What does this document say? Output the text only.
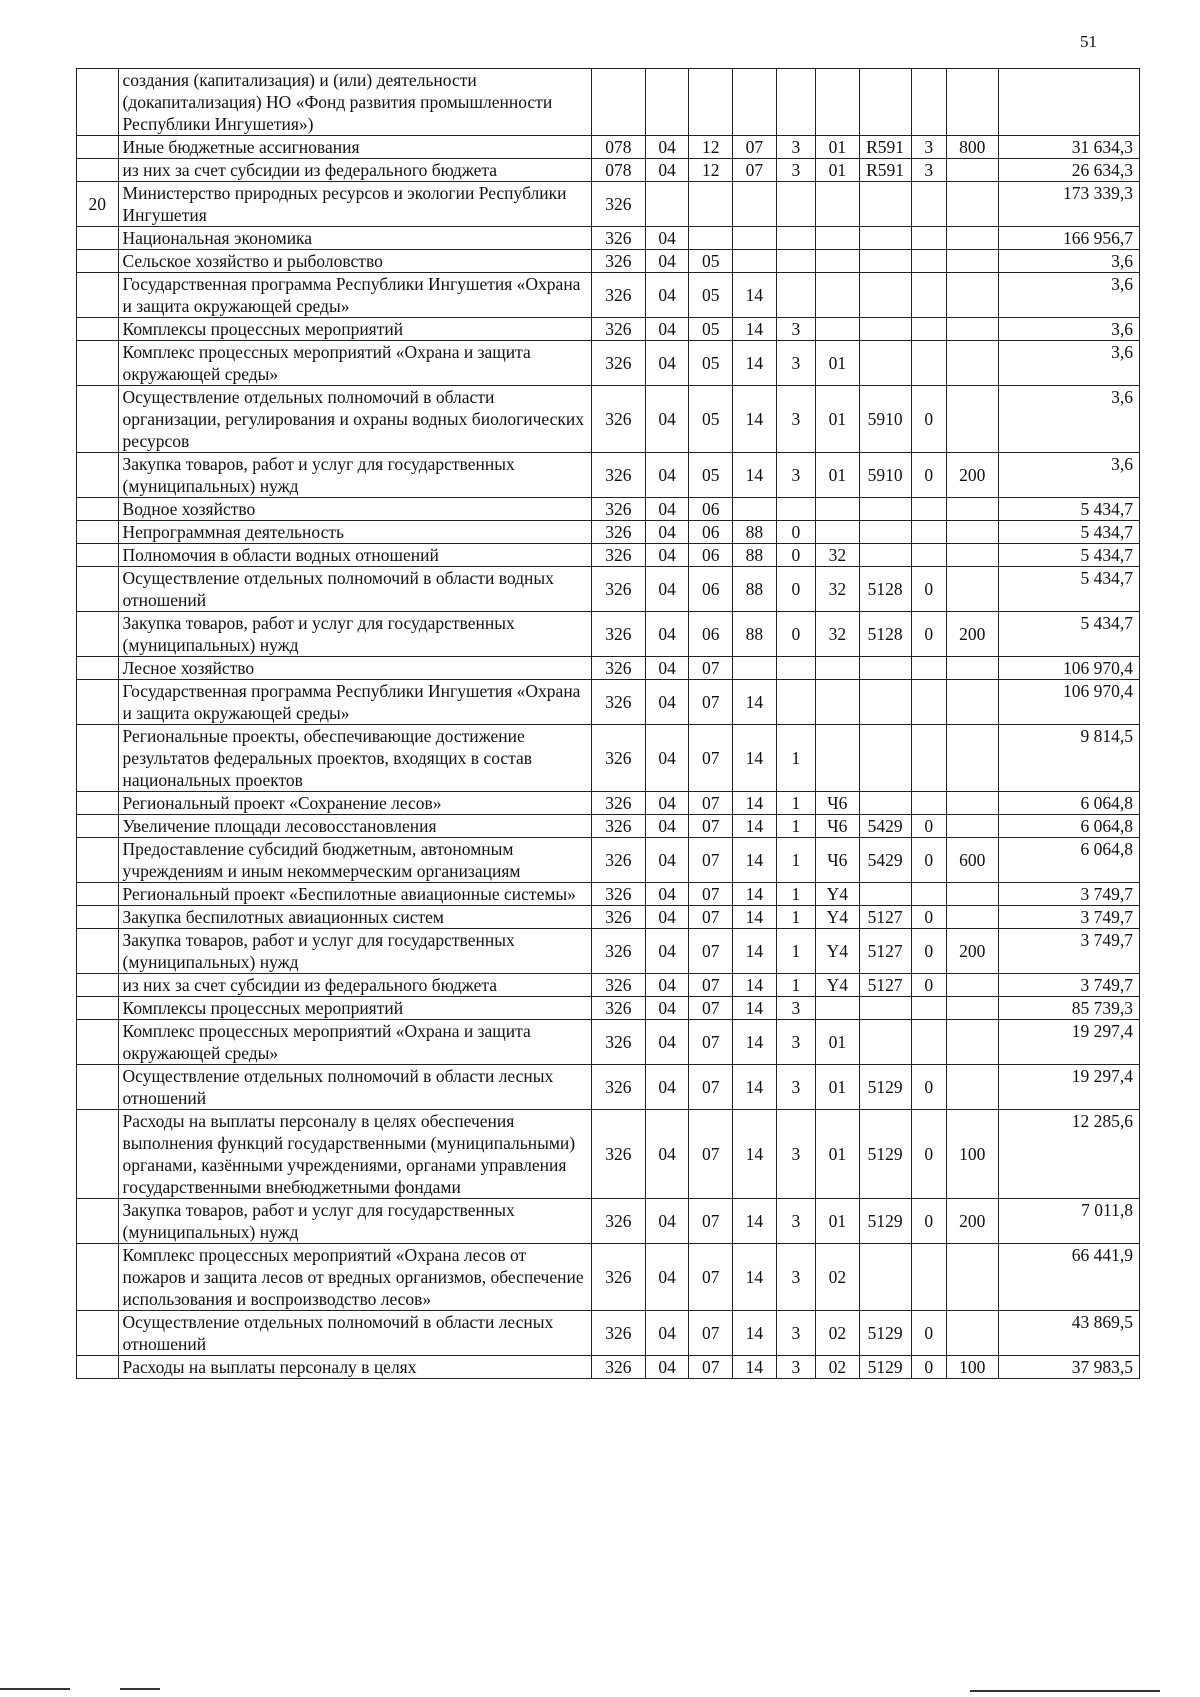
51
	создания (капитализация) и (или) деятельности (докапитализация) НО «Фонд развития промышленности Республики Ингушетия»)										
	Иные бюджетные ассигнования	078	04	12	07	3	01	R591	3	800	31 634,3
	из них за счет субсидии из федерального бюджета	078	04	12	07	3	01	R591	3		26 634,3
20	Министерство природных ресурсов и экологии Республики Ингушетия	326									173 339,3
	Национальная экономика	326	04								166 956,7
	Сельское хозяйство и рыболовство	326	04	05							3,6
	Государственная программа Республики Ингушетия «Охрана и защита окружающей среды»	326	04	05	14						3,6
	Комплексы процессных мероприятий	326	04	05	14	3					3,6
	Комплекс процессных мероприятий «Охрана и защита окружающей среды»	326	04	05	14	3	01				3,6
	Осуществление отдельных полномочий в области организации, регулирования и охраны водных биологических ресурсов	326	04	05	14	3	01	5910	0		3,6
	Закупка товаров, работ и услуг для государственных (муниципальных) нужд	326	04	05	14	3	01	5910	0	200	3,6
	Водное хозяйство	326	04	06							5 434,7
	Непрограммная деятельность	326	04	06	88	0					5 434,7
	Полномочия в области водных отношений	326	04	06	88	0	32				5 434,7
	Осуществление отдельных полномочий в области водных отношений	326	04	06	88	0	32	5128	0		5 434,7
	Закупка товаров, работ и услуг для государственных (муниципальных) нужд	326	04	06	88	0	32	5128	0	200	5 434,7
	Лесное хозяйство	326	04	07							106 970,4
	Государственная программа Республики Ингушетия «Охрана и защита окружающей среды»	326	04	07	14						106 970,4
	Региональные проекты, обеспечивающие достижение результатов федеральных проектов, входящих в состав национальных проектов	326	04	07	14	1					9 814,5
	Региональный проект «Сохранение лесов»	326	04	07	14	1	Ч6				6 064,8
	Увеличение площади лесовосстановления	326	04	07	14	1	Ч6	5429	0		6 064,8
	Предоставление субсидий бюджетным, автономным учреждениям и иным некоммерческим организациям	326	04	07	14	1	Ч6	5429	0	600	6 064,8
	Региональный проект «Беспилотные авиационные системы»	326	04	07	14	1	Y4				3 749,7
	Закупка беспилотных авиационных систем	326	04	07	14	1	Y4	5127	0		3 749,7
	Закупка товаров, работ и услуг для государственных (муниципальных) нужд	326	04	07	14	1	Y4	5127	0	200	3 749,7
	из них за счет субсидии из федерального бюджета	326	04	07	14	1	Y4	5127	0		3 749,7
	Комплексы процессных мероприятий	326	04	07	14	3					85 739,3
	Комплекс процессных мероприятий «Охрана и защита окружающей среды»	326	04	07	14	3	01				19 297,4
	Осуществление отдельных полномочий в области лесных отношений	326	04	07	14	3	01	5129	0		19 297,4
	Расходы на выплаты персоналу в целях обеспечения выполнения функций государственными (муниципальными) органами, казёнными учреждениями, органами управления государственными внебюджетными фондами	326	04	07	14	3	01	5129	0	100	12 285,6
	Закупка товаров, работ и услуг для государственных (муниципальных) нужд	326	04	07	14	3	01	5129	0	200	7 011,8
	Комплекс процессных мероприятий «Охрана лесов от пожаров и защита лесов от вредных организмов, обеспечение использования и воспроизводство лесов»	326	04	07	14	3	02				66 441,9
	Осуществление отдельных полномочий в области лесных отношений	326	04	07	14	3	02	5129	0		43 869,5
	Расходы на выплаты персоналу в целях	326	04	07	14	3	02	5129	0	100	37 983,5
